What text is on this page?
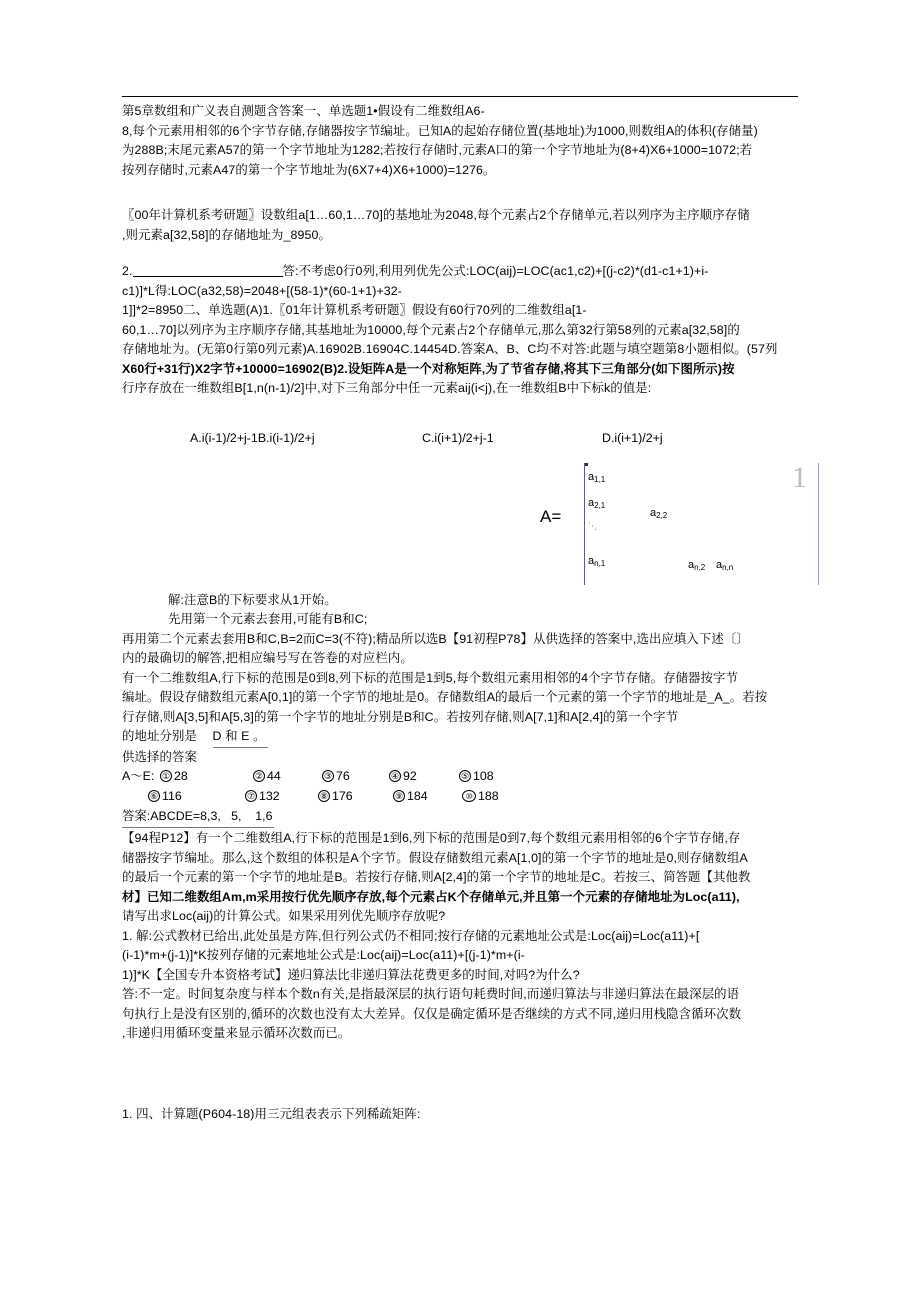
第5章数组和广义表自测题含答案一、单选题1•假设有二维数组A6-

8,每个元素用相邻的6个字节存储,存储器按字节编址。已知A的起始存储位置(基地址)为1000,则数组A的体积(存储量)

为288B;末尾元素A57的第一个字节地址为1282;若按行存储时,元素A口的第一个字节地址为(8+4)X6+1000=1072;若

按列存储时,元素A47的第一个字节地址为(6X7+4)X6+1000)=1276。

〖00年计算机系考研题〗设数组a[1…60,1…70]的基地址为2048,每个元素占2个存储单元,若以列序为主序顺序存储

,则元素a[32,58]的存储地址为_8950。

2.	答:不考虑0行0列,利用列优先公式:LOC(aij)=LOC(ac1,c2)+[(j-c2)*(d1-c1+1)+i-

c1)]*L得:LOC(a32,58)=2048+[(58-1)*(60-1+1)+32-

1]]*2=8950二、单选题(A)1.〖01年计算机系考研题〗假设有60行70列的二维数组a[1-

60,1…70]以列序为主序顺序存储,其基地址为10000,每个元素占2个存储单元,那么第32行第58列的元素a[32,58]的

存储地址为。(无第0行第0列元素)A.16902B.16904C.14454D.答案A、B、C均不对答:此题与填空题第8小题相似。(57列

X60行+31行)X2字节+10000=16902(B)2.设矩阵A是一个对称矩阵,为了节省存储,将其下三角部分(如下图所示)按

行序存放在一维数组B[1,n(n-1)/2]中,对下三角部分中任一元素aij(i<j),在一维数组B中下标k的值是:

A.i(i-1)/2+j-1B.i(i-1)/2+j	C.i(i+1)/2+j-1	D.i(i+1)/2+j
A=
1
$a_{1,1}$
$a_{2,1}$
$a_{2,2}$
⋱
$a_{n,1}$	$a_{n,2}$ $a_{n,n}$

解:注意B的下标要求从1开始。

先用第一个元素去套用,可能有B和C;

再用第二个元素去套用B和C,B=2而C=3(不符);精品所以选B【91初程P78】从供选择的答案中,选出应填入下述〔〕

内的最确切的解答,把相应编号写在答卷的对应栏内。

有一个二维数组A,行下标的范围是0到8,列下标的范围是1到5,每个数组元素用相邻的4个字节存储。存储器按字节

编址。假设存储数组元素A[0,1]的第一个字节的地址是0。存储数组A的最后一个元素的第一个字节的地址是_A_。若按

行存储,则A[3,5]和A[5,3]的第一个字节的地址分别是B和C。若按列存储,则A[7,1]和A[2,4]的第一个字节

的地址分别是 D 和 E 。

供选择的答案

A〜E: ① 28	② 44	③ 76	④ 92	⑤ 108
⑥ 116	⑦ 132	⑧ 176	⑨ 184	⑩ 188
答案:ABCDE=8,3,   5,    1,6

【94程P12】有一个二维数组A,行下标的范围是1到6,列下标的范围是0到7,每个数组元素用相邻的6个字节存储,存

储器按字节编址。那么,这个数组的体积是A个字节。假设存储数组元素A[1,0]的第一个字节的地址是0,则存储数组A

的最后一个元素的第一个字节的地址是B。若按行存储,则A[2,4]的第一个字节的地址是C。若按三、简答题【其他教

材】已知二维数组Am,m采用按行优先顺序存放,每个元素占K个存储单元,并且第一个元素的存储地址为Loc(a11),

请写出求Loc(aij)的计算公式。如果采用列优先顺序存放呢?

1. 解:公式教材已给出,此处虽是方阵,但行列公式仍不相同;按行存储的元素地址公式是:Loc(aij)=Loc(a11)+[

(i-1)*m+(j-1)]*K按列存储的元素地址公式是:Loc(aij)=Loc(a11)+[(j-1)*m+(i-

1)]*K【全国专升本资格考试】递归算法比非递归算法花费更多的时间,对吗?为什么?

答:不一定。时间复杂度与样本个数n有关,是指最深层的执行语句耗费时间,而递归算法与非递归算法在最深层的语

句执行上是没有区别的,循环的次数也没有太大差异。仅仅是确定循环是否继续的方式不同,递归用栈隐含循环次数

,非递归用循环变量来显示循环次数而已。

1. 四、计算题(P604-18)用三元组表表示下列稀疏矩阵:
